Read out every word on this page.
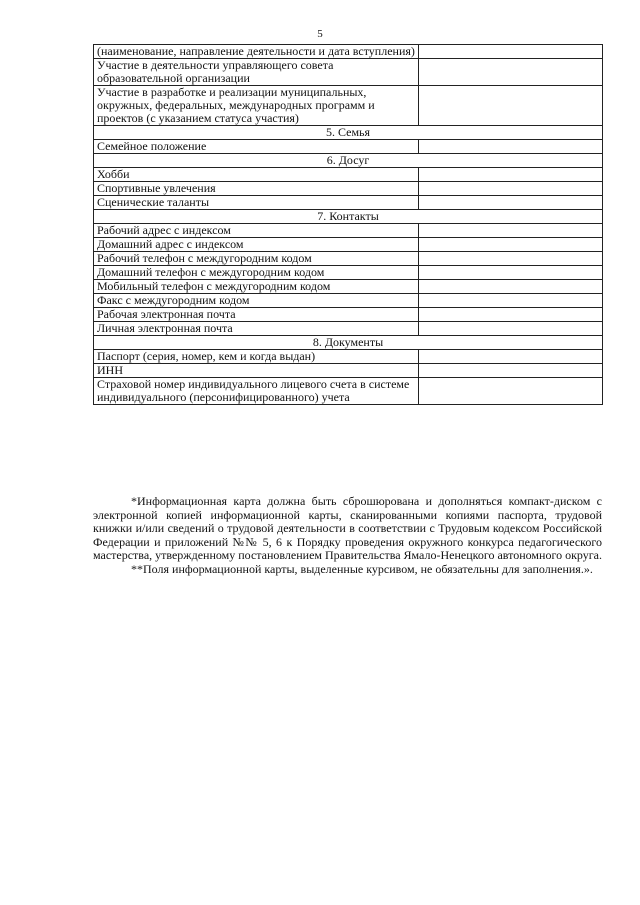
5
(наименование, направление деятельности и дата вступления)	
Участие в деятельности управляющего совета образовательной организации	
Участие в разработке и реализации муниципальных, окружных, федеральных, международных программ и проектов (с указанием статуса участия)	
5. Семья	
Семейное положение	
6. Досуг	
Хобби	
Спортивные увлечения	
Сценические таланты	
7. Контакты	
Рабочий адрес с индексом	
Домашний адрес с индексом	
Рабочий телефон с междугородним кодом	
Домашний телефон с междугородним кодом	
Мобильный телефон с междугородним кодом	
Факс с междугородним кодом	
Рабочая электронная почта	
Личная электронная почта	
8. Документы	
Паспорт (серия, номер, кем и когда выдан)	
ИНН	
Страховой номер индивидуального лицевого счета в системе индивидуального (персонифицированного) учета	

*Информационная карта должна быть сброшюрована и дополняться компакт-диском с электронной копией информационной карты, сканированными копиями паспорта, трудовой книжки и/или сведений о трудовой деятельности в соответствии с Трудовым кодексом Российской Федерации и приложений №№ 5, 6 к Порядку проведения окружного конкурса педагогического мастерства, утвержденному постановлением Правительства Ямало-Ненецкого автономного округа.

**Поля информационной карты, выделенные курсивом, не обязательны для заполнения.».
